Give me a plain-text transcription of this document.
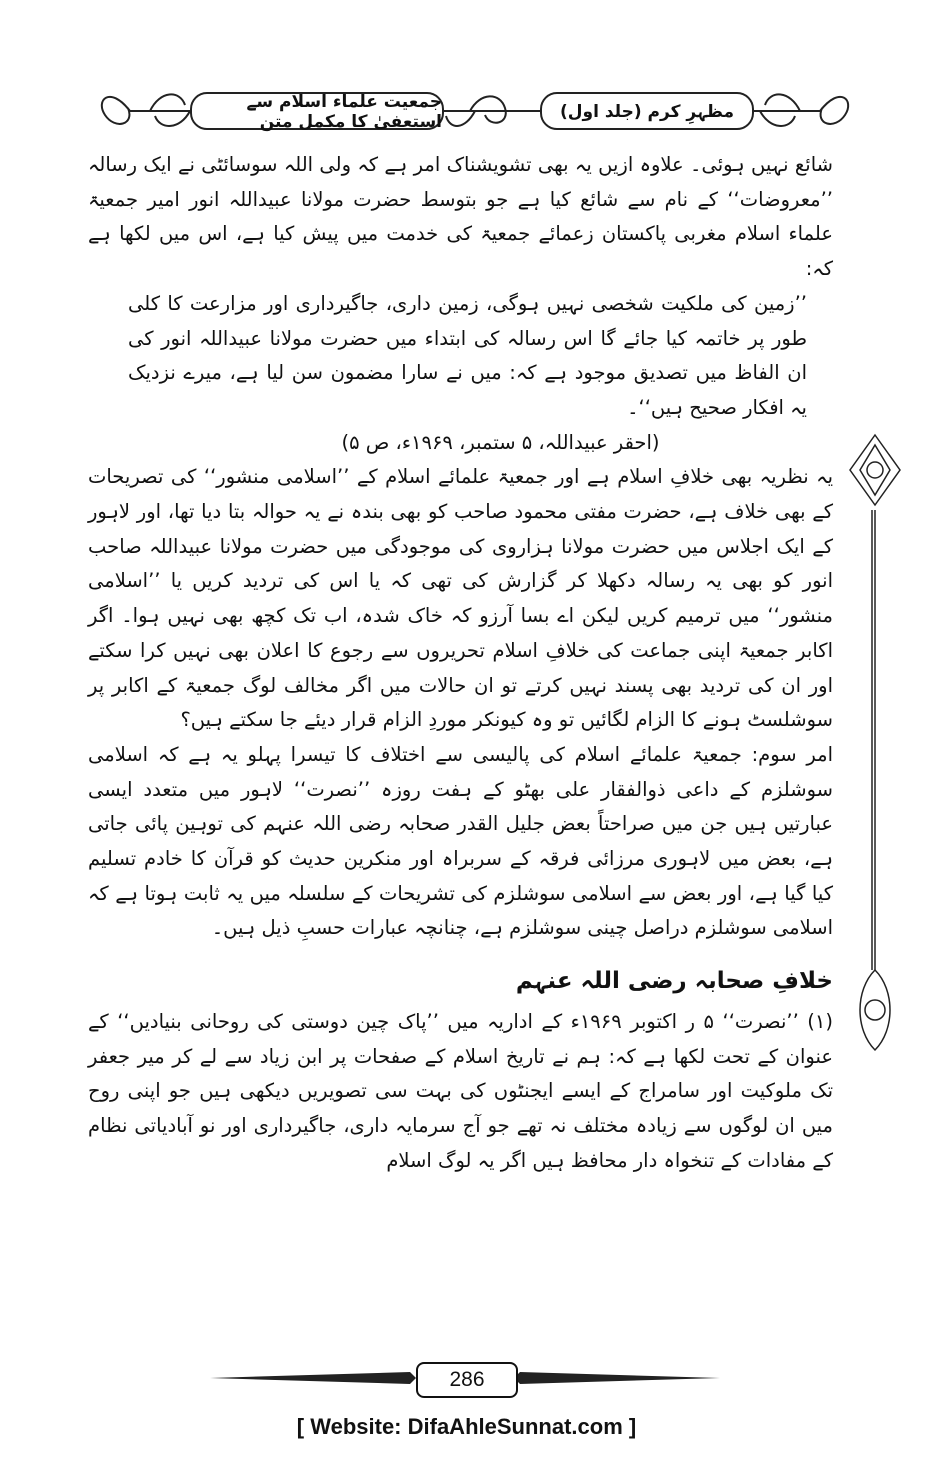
مظہرِ کرم (جلد اول)
جمعیت علماء اسلام سے استعفیٰ کا مکمل متن

شائع نہیں ہوئی۔ علاوہ ازیں یہ بھی تشویشناک امر ہے کہ ولی اللہ سوسائٹی نے ایک رسالہ ’’معروضات‘‘ کے نام سے شائع کیا ہے جو بتوسط حضرت مولانا عبیداللہ انور امیر جمعیۃ علماء اسلام مغربی پاکستان زعمائے جمعیۃ کی خدمت میں پیش کیا ہے، اس میں لکھا ہے کہ:

’’زمین کی ملکیت شخصی نہیں ہوگی، زمین داری، جاگیرداری اور مزارعت کا کلی طور پر خاتمہ کیا جائے گا اس رسالہ کی ابتداء میں حضرت مولانا عبیداللہ انور کی ان الفاظ میں تصدیق موجود ہے کہ: میں نے سارا مضمون سن لیا ہے، میرے نزدیک یہ افکار صحیح ہیں‘‘۔

(احقر عبیداللہ، ۵ ستمبر، ۱۹۶۹ء، ص ۵)

یہ نظریہ بھی خلافِ اسلام ہے اور جمعیۃ علمائے اسلام کے ’’اسلامی منشور‘‘ کی تصریحات کے بھی خلاف ہے، حضرت مفتی محمود صاحب کو بھی بندہ نے یہ حوالہ بتا دیا تھا، اور لاہور کے ایک اجلاس میں حضرت مولانا ہزاروی کی موجودگی میں حضرت مولانا عبیداللہ صاحب انور کو بھی یہ رسالہ دکھلا کر گزارش کی تھی کہ یا اس کی تردید کریں یا ’’اسلامی منشور‘‘ میں ترمیم کریں لیکن اے بسا آرزو کہ خاک شدہ، اب تک کچھ بھی نہیں ہوا۔ اگر اکابر جمعیۃ اپنی جماعت کی خلافِ اسلام تحریروں سے رجوع کا اعلان بھی نہیں کرا سکتے اور ان کی تردید بھی پسند نہیں کرتے تو ان حالات میں اگر مخالف لوگ جمعیۃ کے اکابر پر سوشلسٹ ہونے کا الزام لگائیں تو وہ کیونکر موردِ الزام قرار دیئے جا سکتے ہیں؟

امر سوم: جمعیۃ علمائے اسلام کی پالیسی سے اختلاف کا تیسرا پہلو یہ ہے کہ اسلامی سوشلزم کے داعی ذوالفقار علی بھٹو کے ہفت روزہ ’’نصرت‘‘ لاہور میں متعدد ایسی عبارتیں ہیں جن میں صراحتاً بعض جلیل القدر صحابہ رضی اللہ عنہم کی توہین پائی جاتی ہے، بعض میں لاہوری مرزائی فرقہ کے سربراہ اور منکرین حدیث کو قرآن کا خادم تسلیم کیا گیا ہے، اور بعض سے اسلامی سوشلزم کی تشریحات کے سلسلہ میں یہ ثابت ہوتا ہے کہ اسلامی سوشلزم دراصل چینی سوشلزم ہے، چنانچہ عبارات حسبِ ذیل ہیں۔

خلافِ صحابہ رضی اللہ عنہم

(۱) ’’نصرت‘‘ ۵ ر اکتوبر ۱۹۶۹ء کے اداریہ میں ’’پاک چین دوستی کی روحانی بنیادیں‘‘ کے عنوان کے تحت لکھا ہے کہ: ہم نے تاریخ اسلام کے صفحات پر ابن زیاد سے لے کر میر جعفر تک ملوکیت اور سامراج کے ایسے ایجنٹوں کی بہت سی تصویریں دیکھی ہیں جو اپنی روح میں ان لوگوں سے زیادہ مختلف نہ تھے جو آج سرمایہ داری، جاگیرداری اور نو آبادیاتی نظام کے مفادات کے تنخواہ دار محافظ ہیں اگر یہ لوگ اسلام

286
[ Website: DifaAhleSunnat.com ]
